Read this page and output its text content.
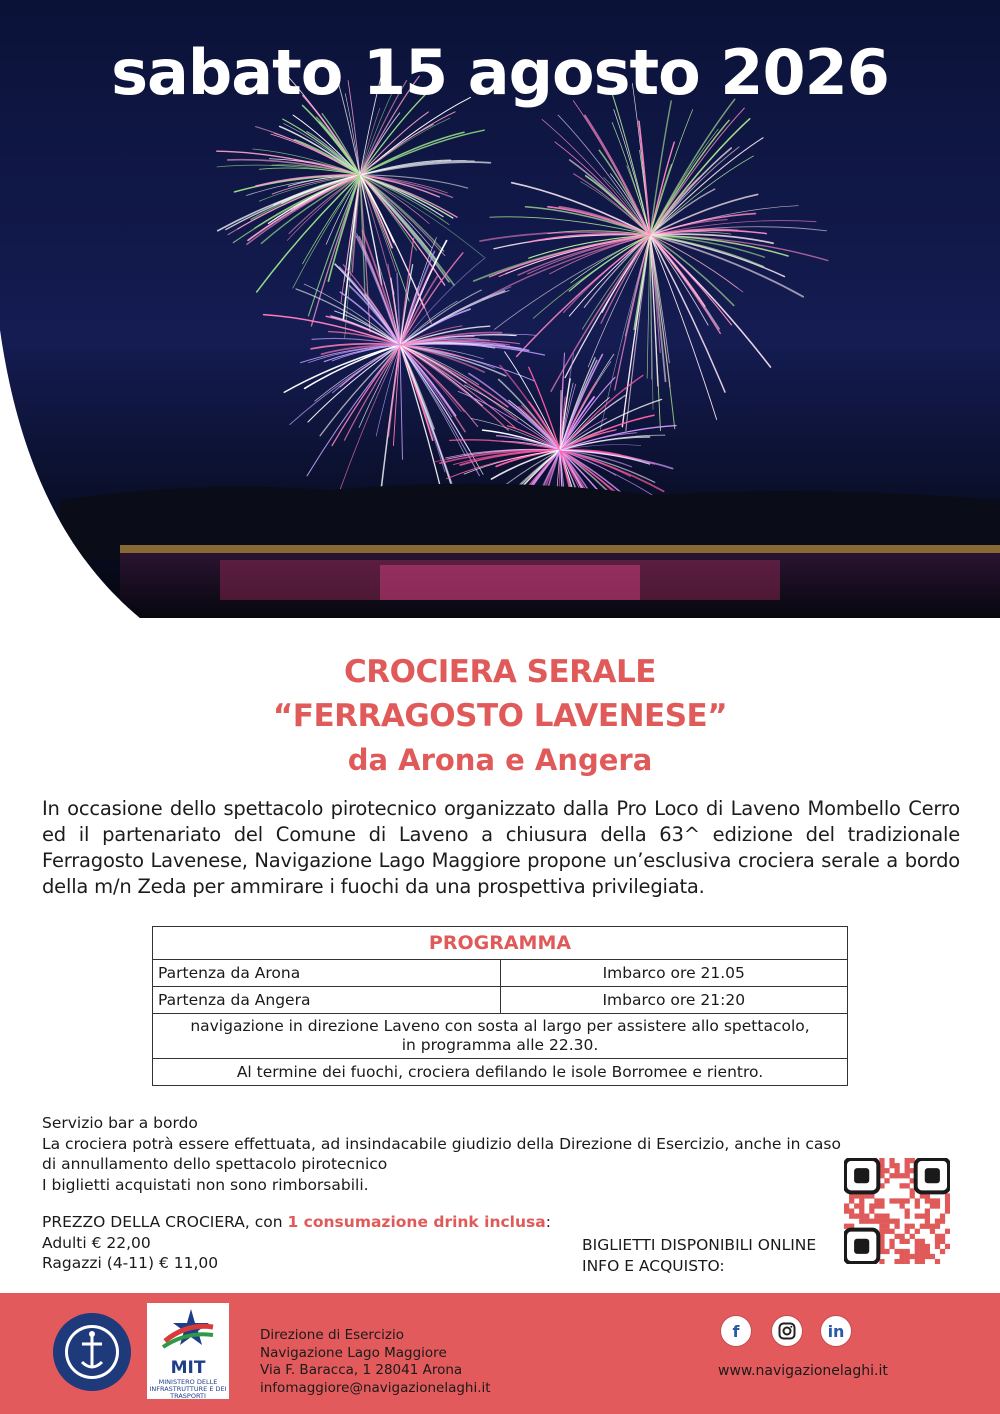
sabato 15 agosto 2026
CROCIERA SERALE
“FERRAGOSTO LAVENESE”
da Arona e Angera
In occasione dello spettacolo pirotecnico organizzato dalla Pro Loco di Laveno Mombello Cerro ed il partenariato del Comune di Laveno a chiusura della 63^ edizione del tradizionale Ferragosto Lavenese, Navigazione Lago Maggiore propone un’esclusiva crociera serale a bordo della m/n Zeda per ammirare i fuochi da una prospettiva privilegiata.
PROGRAMMA	
Partenza da Arona	Imbarco ore 21.05
Partenza da Angera	Imbarco ore 21:20

navigazione in direzione Laveno con sosta al largo per assistere allo spettacolo,
in programma alle 22.30.	

Al termine dei fuochi, crociera defilando le isole Borromee e rientro.	
Servizio bar a bordo
La crociera potrà essere effettuata, ad insindacabile giudizio della Direzione di Esercizio, anche in caso di annullamento dello spettacolo pirotecnico
I biglietti acquistati non sono rimborsabili.
PREZZO DELLA CROCIERA, con 1 consumazione drink inclusa:
Adulti € 22,00
Ragazzi (4-11) € 11,00
BIGLIETTI DISPONIBILI ONLINE
INFO E ACQUISTO:
MIT
MINISTERO DELLE INFRASTRUTTURE E DEI TRASPORTI
Direzione di Esercizio
Navigazione Lago Maggiore
Via F. Baracca, 1 28041 Arona
infomaggiore@navigazionelaghi.it
f	in
www.navigazionelaghi.it
